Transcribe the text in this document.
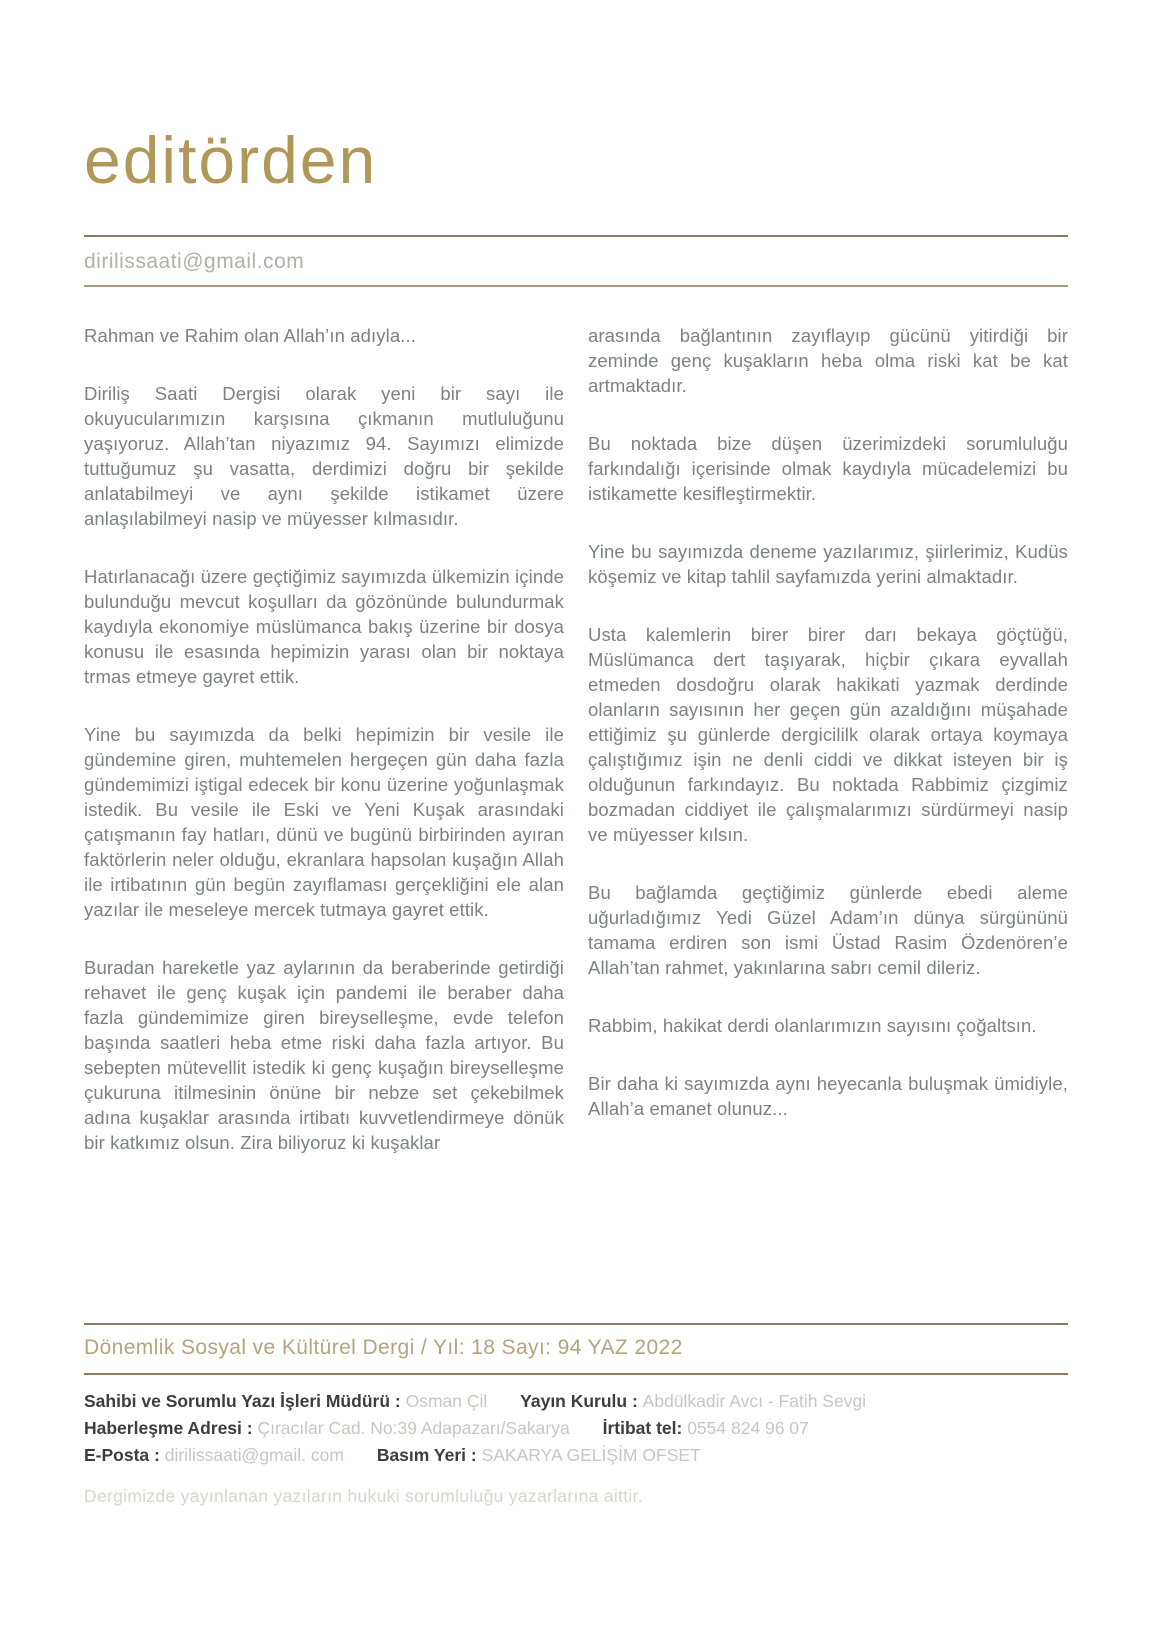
editörden
dirilissaati@gmail.com

Rahman ve Rahim olan Allah’ın adıyla...

Diriliş Saati Dergisi olarak yeni bir sayı ile okuyucularımızın karşısına çıkmanın mutluluğunu yaşıyoruz. Allah’tan niyazımız 94. Sayımızı elimizde tuttuğumuz şu vasatta, derdimizi doğru bir şekilde anlatabilmeyi ve aynı şekilde istikamet üzere anlaşılabilmeyi nasip ve müyesser kılmasıdır.

Hatırlanacağı üzere geçtiğimiz sayımızda ülkemizin içinde bulunduğu mevcut koşulları da gözönünde bulundurmak kaydıyla ekonomiye müslümanca bakış üzerine bir dosya konusu ile esasında hepimizin yarası olan bir noktaya trmas etmeye gayret ettik.

Yine bu sayımızda da belki hepimizin bir vesile ile gündemine giren, muhtemelen hergeçen gün daha fazla gündemimizi iştigal edecek bir konu üzerine yoğunlaşmak istedik. Bu vesile ile Eski ve Yeni Kuşak arasındaki çatışmanın fay hatları, dünü ve bugünü birbirinden ayıran faktörlerin neler olduğu, ekranlara hapsolan kuşağın Allah ile irtibatının gün begün zayıflaması gerçekliğini ele alan yazılar ile meseleye mercek tutmaya gayret ettik.

Buradan hareketle yaz aylarının da beraberinde getirdiği rehavet ile genç kuşak için pandemi ile beraber daha fazla gündemimize giren bireyselleşme, evde telefon başında saatleri heba etme riski daha fazla artıyor. Bu sebepten mütevellit istedik ki genç kuşağın bireyselleşme çukuruna itilmesinin önüne bir nebze set çekebilmek adına kuşaklar arasında irtibatı kuvvetlendirmeye dönük bir katkımız olsun. Zira biliyoruz ki kuşaklar

arasında bağlantının zayıflayıp gücünü yitirdiği bir zeminde genç kuşakların heba olma riski kat be kat artmaktadır.

Bu noktada bize düşen üzerimizdeki sorumluluğu farkındalığı içerisinde olmak kaydıyla mücadelemizi bu istikamette kesifleştirmektir.

Yine bu sayımızda deneme yazılarımız, şiirlerimiz, Kudüs köşemiz ve kitap tahlil sayfamızda yerini almaktadır.

Usta kalemlerin birer birer darı bekaya göçtüğü, Müslümanca dert taşıyarak, hiçbir çıkara eyvallah etmeden dosdoğru olarak hakikati yazmak derdinde olanların sayısının her geçen gün azaldığını müşahade ettiğimiz şu günlerde dergicililk olarak ortaya koymaya çalıştığımız işin ne denli ciddi ve dikkat isteyen bir iş olduğunun farkındayız. Bu noktada Rabbimiz çizgimiz bozmadan ciddiyet ile çalışmalarımızı sürdürmeyi nasip ve müyesser kılsın.

Bu bağlamda geçtiğimiz günlerde ebedi aleme uğurladığımız Yedi Güzel Adam’ın dünya sürgününü tamama erdiren son ismi Üstad Rasim Özdenören’e Allah’tan rahmet, yakınlarına sabrı cemil dileriz.

Rabbim, hakikat derdi olanlarımızın sayısını çoğaltsın.

Bir daha ki sayımızda aynı heyecanla buluşmak ümidiyle, Allah’a emanet olunuz...

Dönemlik Sosyal ve Kültürel Dergi / Yıl: 18 Sayı: 94 YAZ 2022
Sahibi ve Sorumlu Yazı İşleri Müdürü : Osman Çil Yayın Kurulu : Abdülkadir Avcı - Fatih Sevgi
Haberleşme Adresi : Çıracılar Cad. No:39 Adapazarı/Sakarya İrtibat tel: 0554 824 96 07
E-Posta : dirilissaati@gmail. com Basım Yeri : SAKARYA GELİŞİM OFSET
Dergimizde yayınlanan yazıların hukuki sorumluluğu yazarlarına aittir.
